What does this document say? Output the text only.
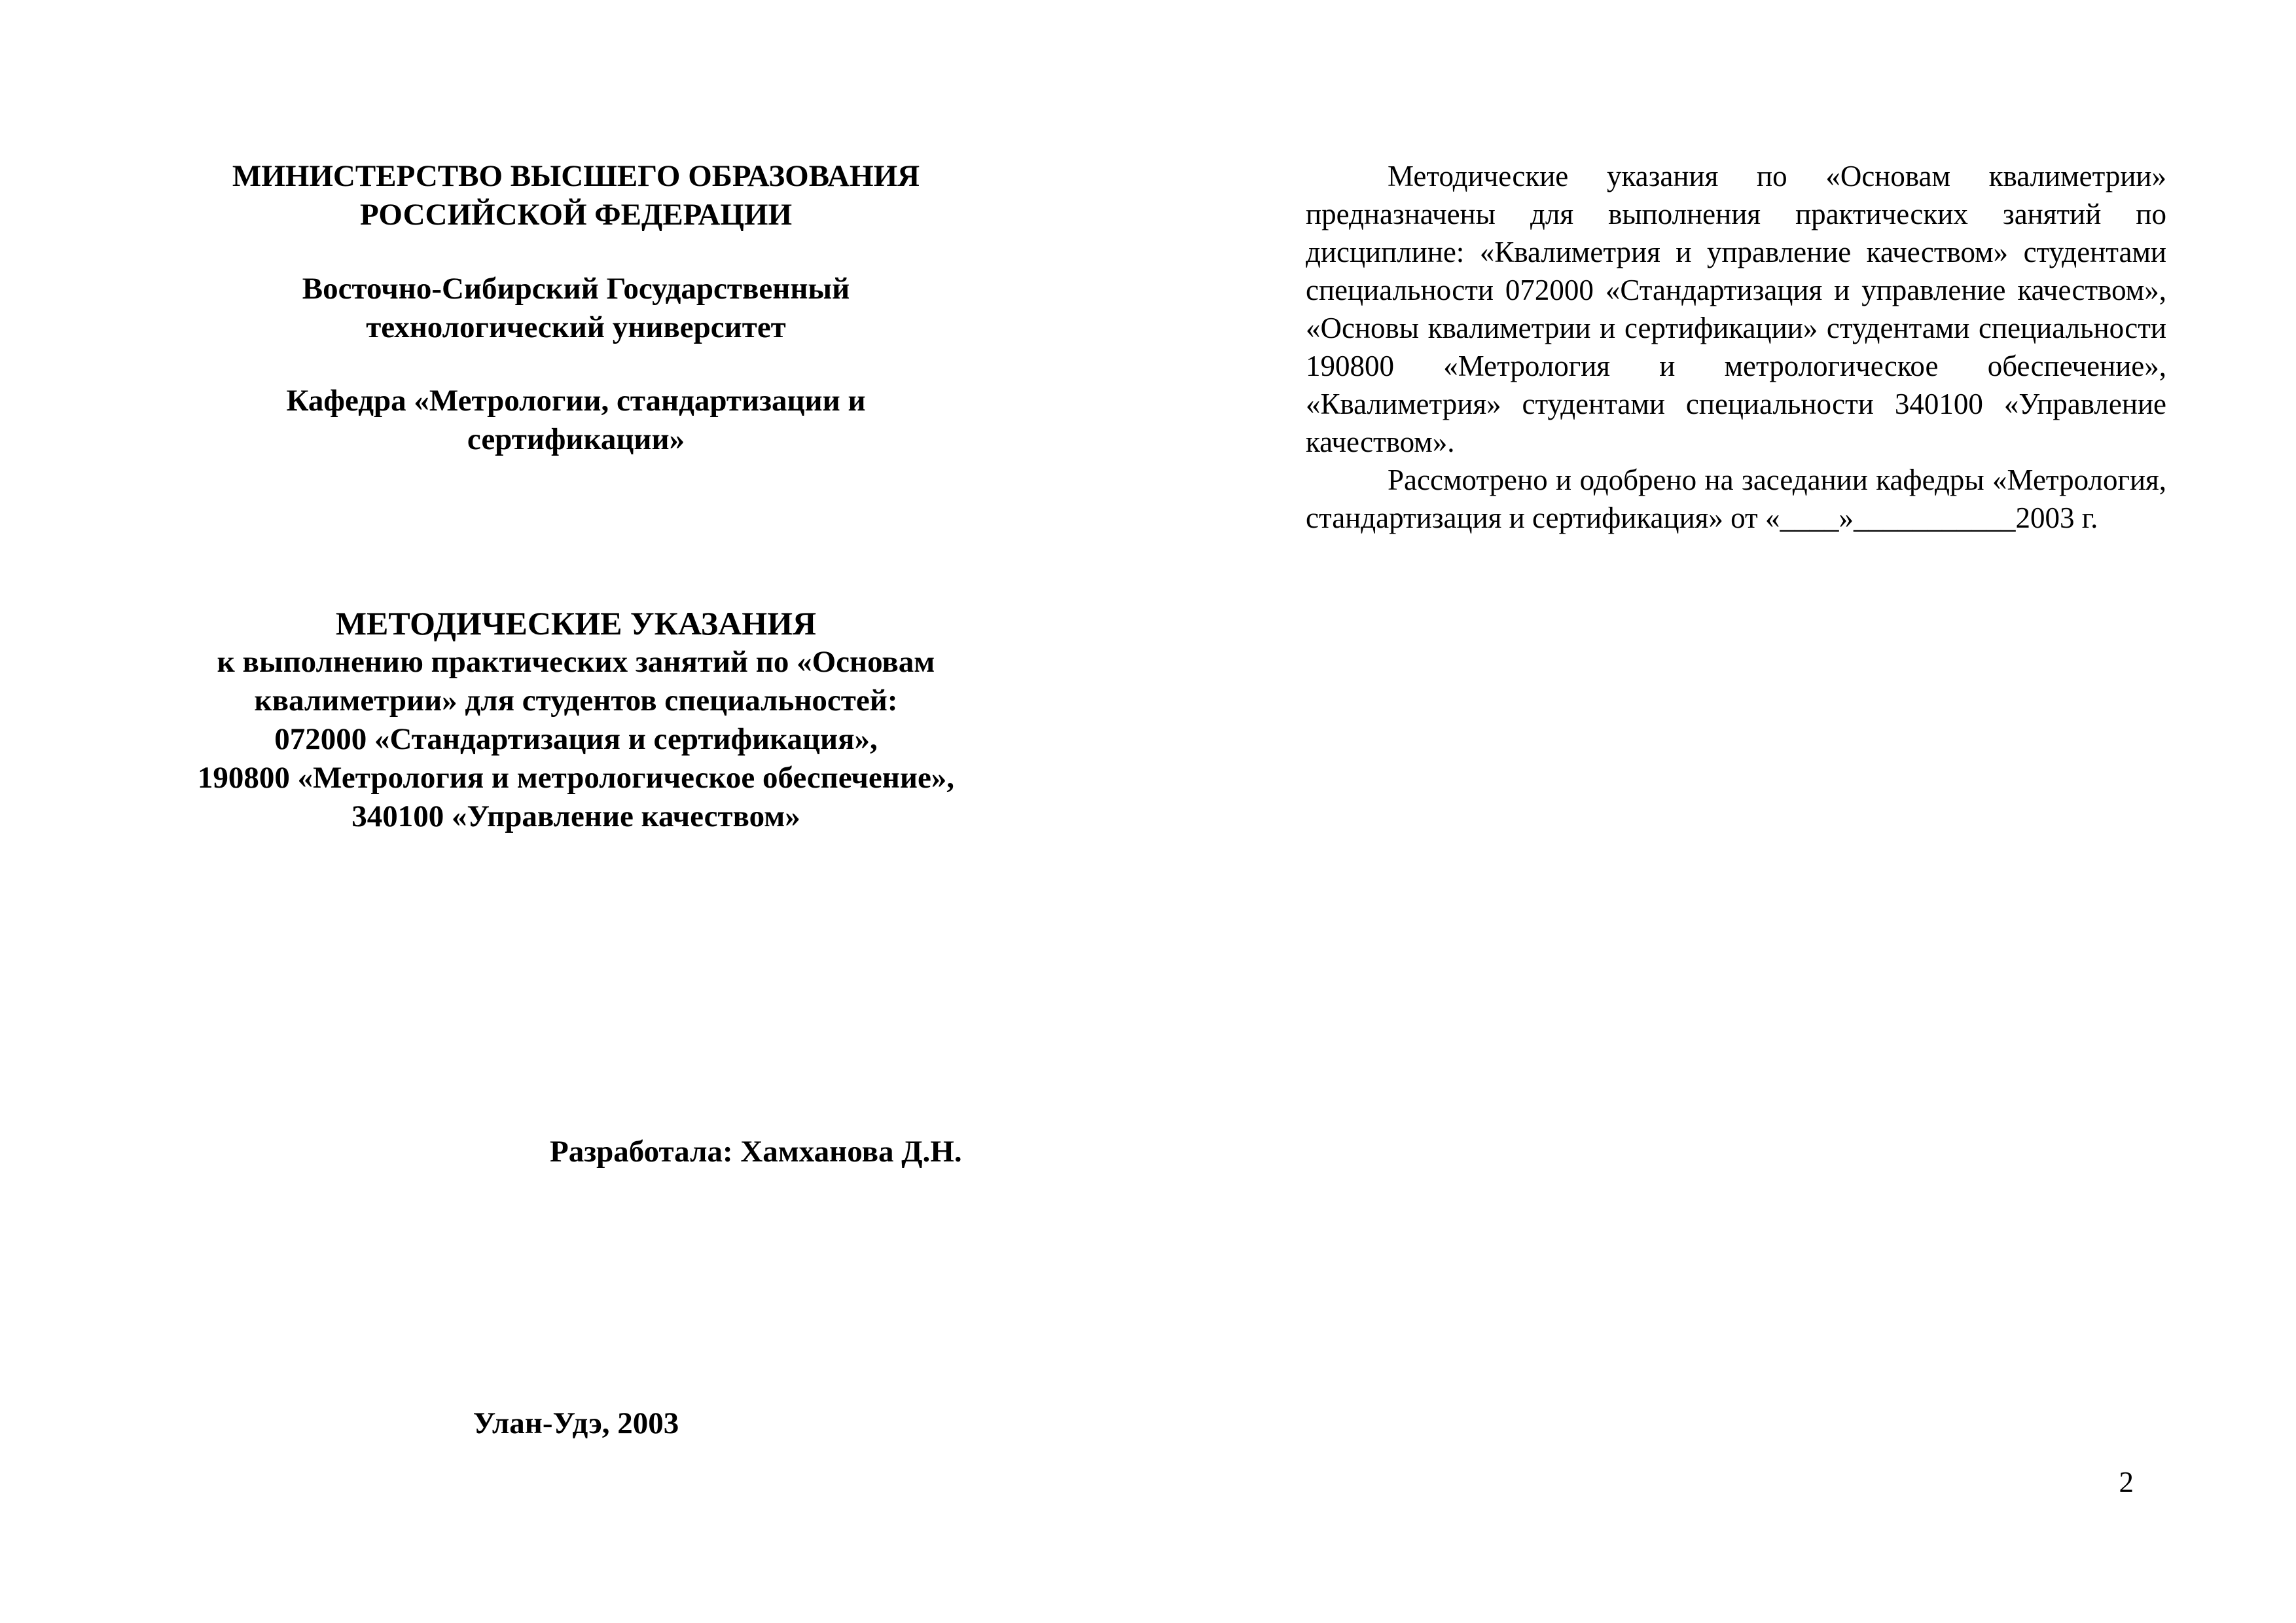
МИНИСТЕРСТВО ВЫСШЕГО ОБРАЗОВАНИЯ
РОССИЙСКОЙ ФЕДЕРАЦИИ
Восточно-Сибирский Государственный
технологический университет
Кафедра «Метрологии, стандартизации и
сертификации»
МЕТОДИЧЕСКИЕ УКАЗАНИЯ
к выполнению практических занятий по «Основам
квалиметрии» для студентов специальностей:
072000 «Стандартизация и сертификация»,
190800 «Метрология и метрологическое обеспечение»,
340100 «Управление качеством»
Разработала: Хамханова Д.Н.
Улан-Удэ, 2003

Методические указания по «Основам квалиметрии» предназначены для выполнения практических занятий по дисциплине: «Квалиметрия и управление качеством» студентами специальности 072000 «Стандартизация и управление качеством», «Основы квалиметрии и сертификации» студентами специальности 190800 «Метрология и метрологическое обеспечение», «Квалиметрия» студентами специальности 340100 «Управление качеством».

Рассмотрено и одобрено на заседании кафедры «Метрология, стандартизация и сертификация» от «____»___________2003 г.

2
